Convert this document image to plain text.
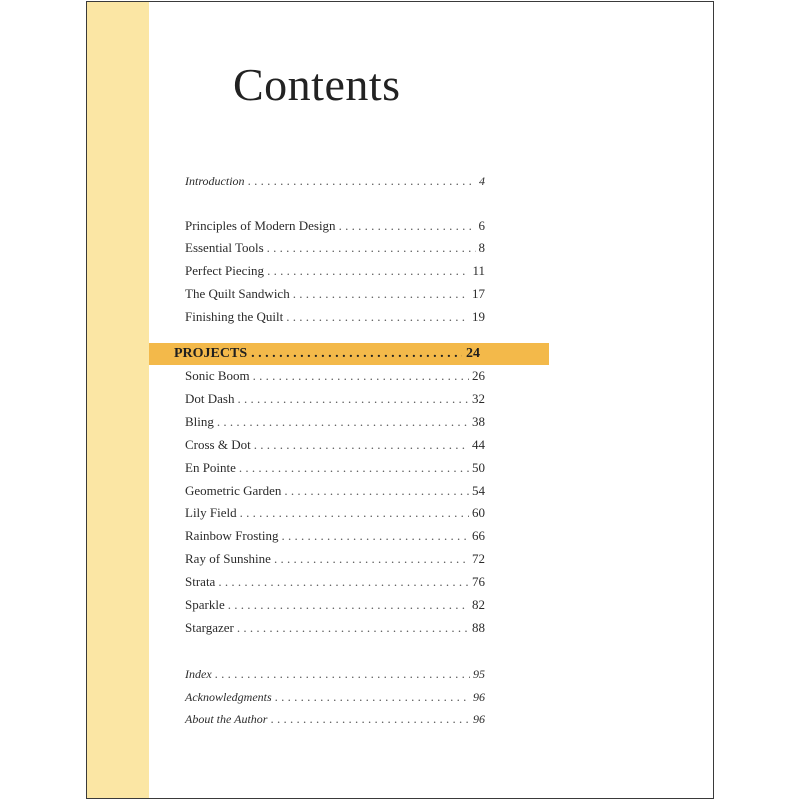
Contents
Introduction . . .	4
Principles of Modern Design . . .	6
Essential Tools . . .	8
Perfect Piecing . . .	11
The Quilt Sandwich . . .	17
Finishing the Quilt . . .	19
PROJECTS . . .	24
Sonic Boom . . .	26
Dot Dash . . .	32
Bling . . .	38
Cross & Dot . . .	44
En Pointe . . .	50
Geometric Garden . . .	54
Lily Field . . .	60
Rainbow Frosting . . .	66
Ray of Sunshine . . .	72
Strata . . .	76
Sparkle . . .	82
Stargazer . . .	88
Index . . .	95
Acknowledgments . . .	96
About the Author . . .	96
